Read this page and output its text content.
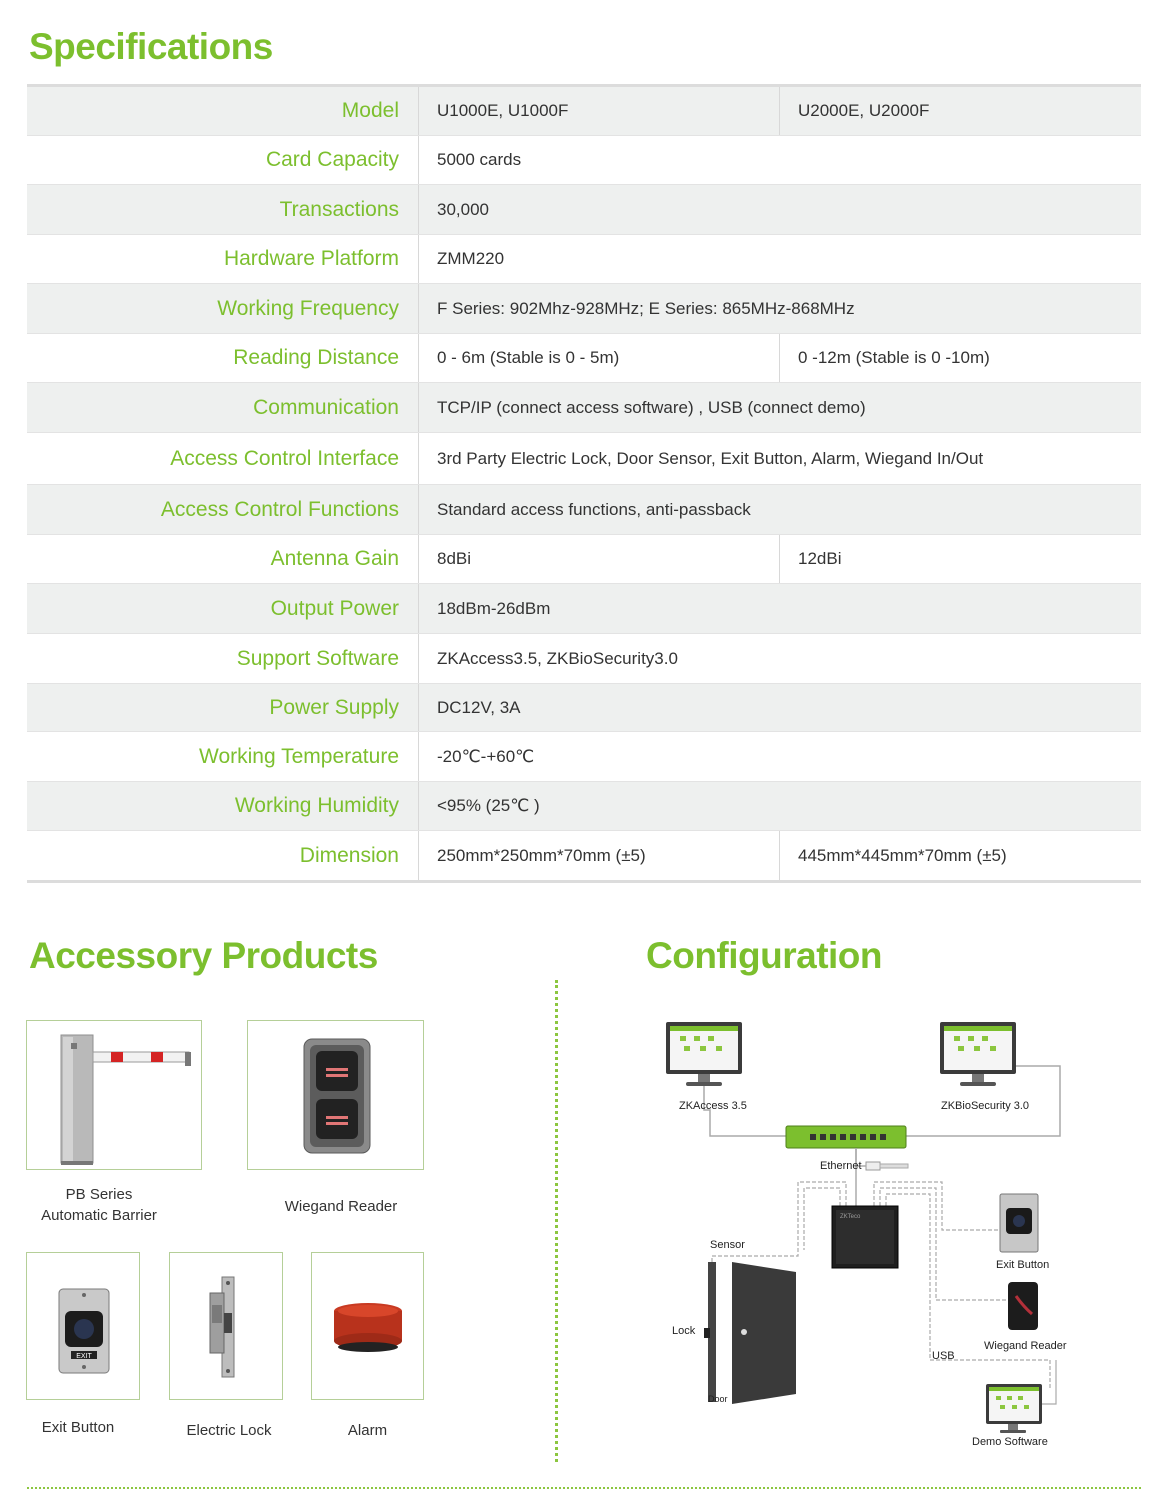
Specifications
Model	U1000E, U1000F	U2000E, U2000F
Card Capacity	5000 cards
Transactions	30,000
Hardware Platform	ZMM220
Working Frequency	F Series: 902Mhz-928MHz; E Series: 865MHz-868MHz
Reading Distance	0 - 6m (Stable is 0 - 5m)	0 -12m (Stable is 0 -10m)
Communication	TCP/IP (connect access software) , USB (connect demo)
Access Control Interface	3rd Party Electric Lock, Door Sensor, Exit Button, Alarm, Wiegand In/Out
Access Control Functions	Standard access functions, anti-passback
Antenna Gain	8dBi	12dBi
Output Power	18dBm-26dBm
Support Software	ZKAccess3.5, ZKBioSecurity3.0
Power Supply	DC12V, 3A
Working Temperature	-20℃-+60℃
Working Humidity	<95% (25℃ )
Dimension	250mm*250mm*70mm (±5)	445mm*445mm*70mm (±5)
Accessory Products
PB Series
Automatic Barrier
Wiegand Reader
EXIT
Exit Button	Electric Lock	Alarm
Configuration
ZKTeco
ZKAccess 3.5	ZKBioSecurity 3.0
Ethernet
Sensor
Lock
Door
Exit Button
Wiegand Reader
USB
Demo Software
